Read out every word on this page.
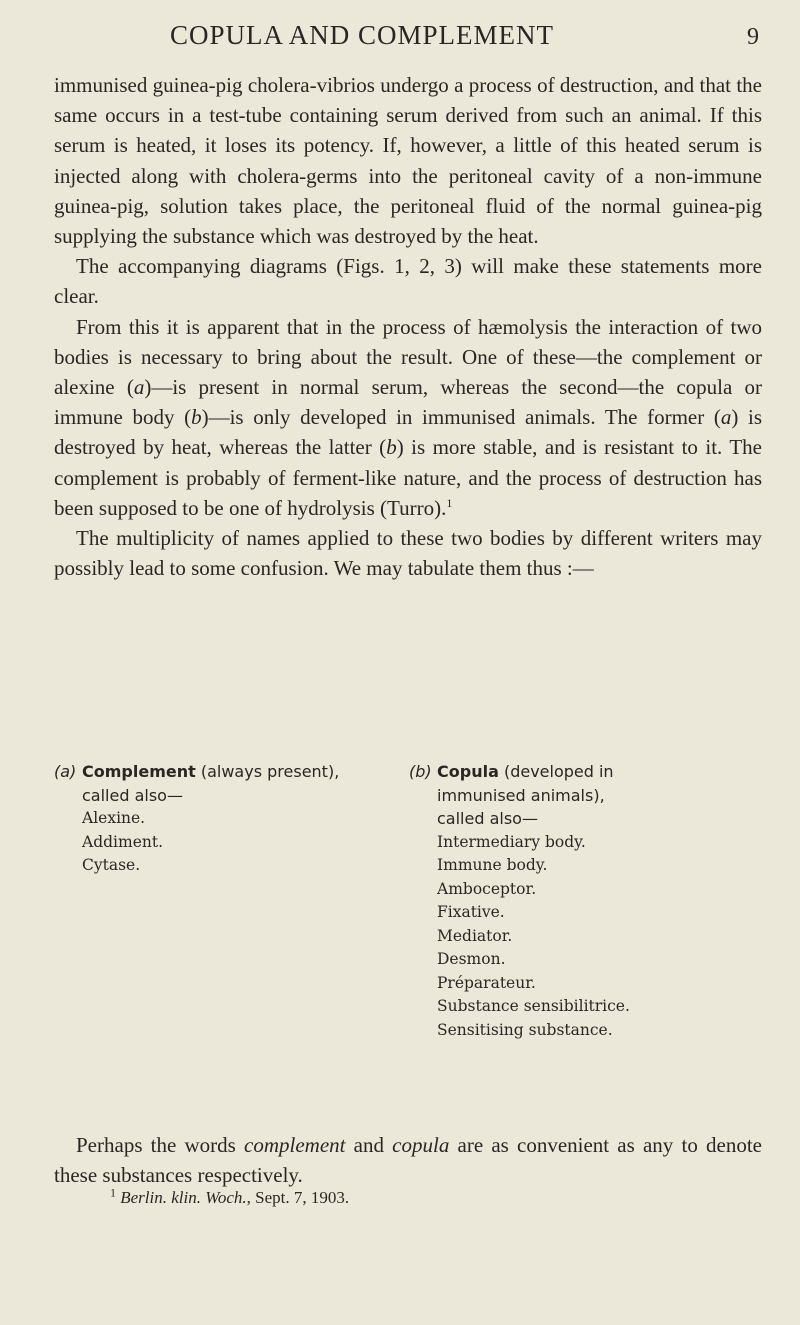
COPULA AND COMPLEMENT	9

immunised guinea-pig cholera-vibrios undergo a process of destruction, and that the same occurs in a test-tube containing serum derived from such an animal. If this serum is heated, it loses its potency. If, however, a little of this heated serum is injected along with cholera-germs into the peritoneal cavity of a non-immune guinea-pig, solution takes place, the peritoneal fluid of the normal guinea-pig supplying the substance which was destroyed by the heat.

The accompanying diagrams (Figs. 1, 2, 3) will make these statements more clear.

From this it is apparent that in the process of hæmolysis the interaction of two bodies is necessary to bring about the result. One of these—the complement or alexine (a)—is present in normal serum, whereas the second—the copula or immune body (b)—is only developed in immunised animals. The former (a) is destroyed by heat, whereas the latter (b) is more stable, and is resistant to it. The complement is probably of ferment-like nature, and the process of destruction has been supposed to be one of hydrolysis (Turro).$^1$

The multiplicity of names applied to these two bodies by different writers may possibly lead to some confusion. We may tabulate them thus :—

(a) Complement (always present),
called also—
Alexine.
Addiment.
Cytase.
(b) Copula (developed in
immunised animals),
called also—
Intermediary body.
Immune body.
Amboceptor.
Fixative.
Mediator.
Desmon.
Préparateur.
Substance sensibilitrice.
Sensitising substance.
Perhaps the words complement and copula are as convenient as any to denote these substances respectively.
$^1$ Berlin. klin. Woch., Sept. 7, 1903.
